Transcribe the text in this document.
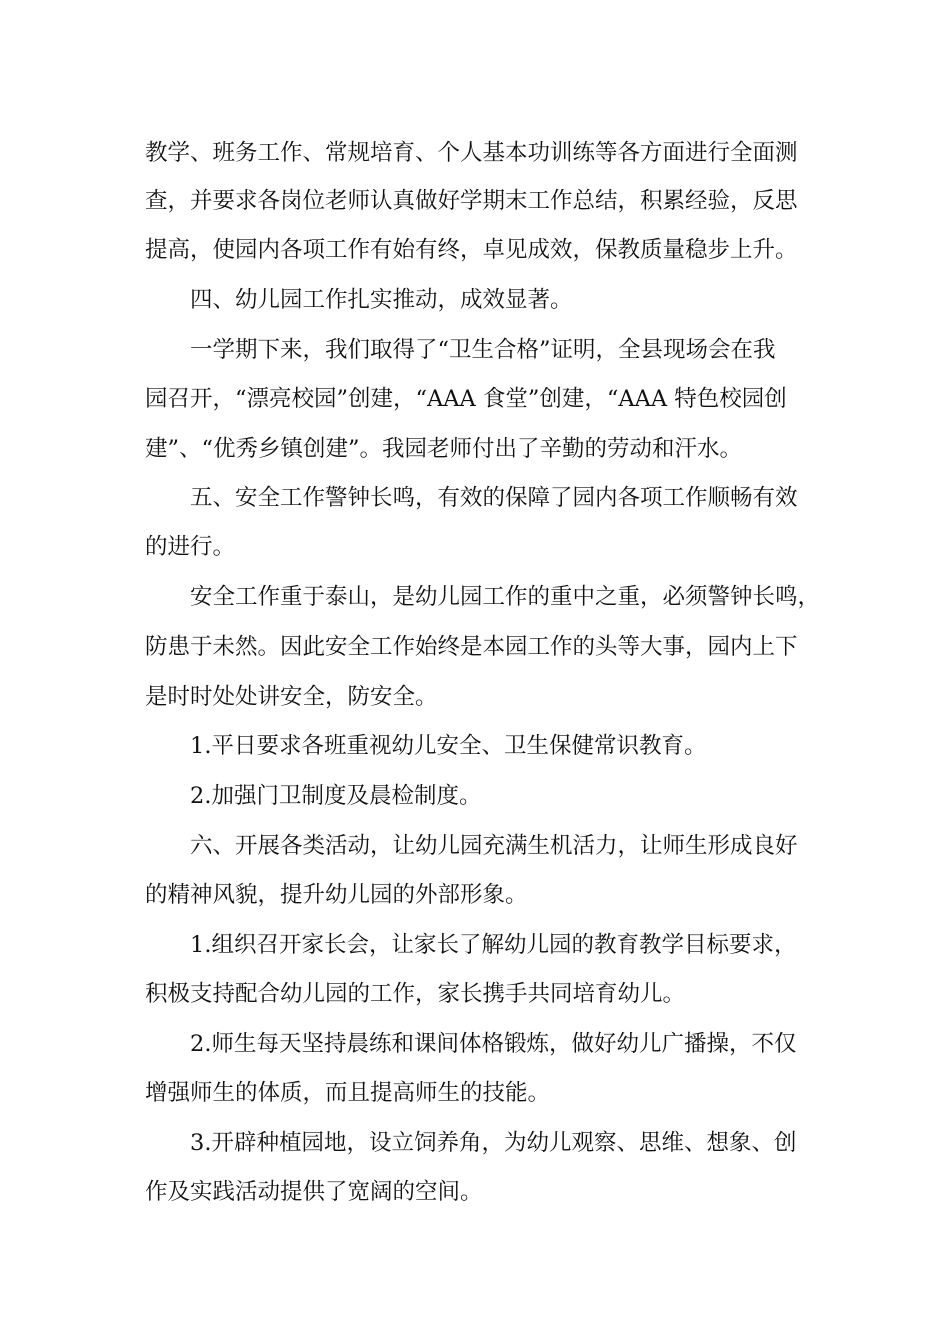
教学、班务工作、常规培育、个人基本功训练等各方面进行全面测
查，并要求各岗位老师认真做好学期末工作总结，积累经验，反思
提高，使园内各项工作有始有终，卓见成效，保教质量稳步上升。
四、幼儿园工作扎实推动，成效显著。
一学期下来，我们取得了“卫生合格”证明，全县现场会在我
园召开，“漂亮校园”创建，“AAA 食堂”创建，“AAA 特色校园创
建”、“优秀乡镇创建”。我园老师付出了辛勤的劳动和汗水。
五、安全工作警钟长鸣，有效的保障了园内各项工作顺畅有效
的进行。
安全工作重于泰山，是幼儿园工作的重中之重，必须警钟长鸣，
防患于未然。因此安全工作始终是本园工作的头等大事，园内上下
是时时处处讲安全，防安全。
1.平日要求各班重视幼儿安全、卫生保健常识教育。
2.加强门卫制度及晨检制度。
六、开展各类活动，让幼儿园充满生机活力，让师生形成良好
的精神风貌，提升幼儿园的外部形象。
1.组织召开家长会，让家长了解幼儿园的教育教学目标要求，
积极支持配合幼儿园的工作，家长携手共同培育幼儿。
2.师生每天坚持晨练和课间体格锻炼，做好幼儿广播操，不仅
增强师生的体质，而且提高师生的技能。
3.开辟种植园地，设立饲养角，为幼儿观察、思维、想象、创
作及实践活动提供了宽阔的空间。
